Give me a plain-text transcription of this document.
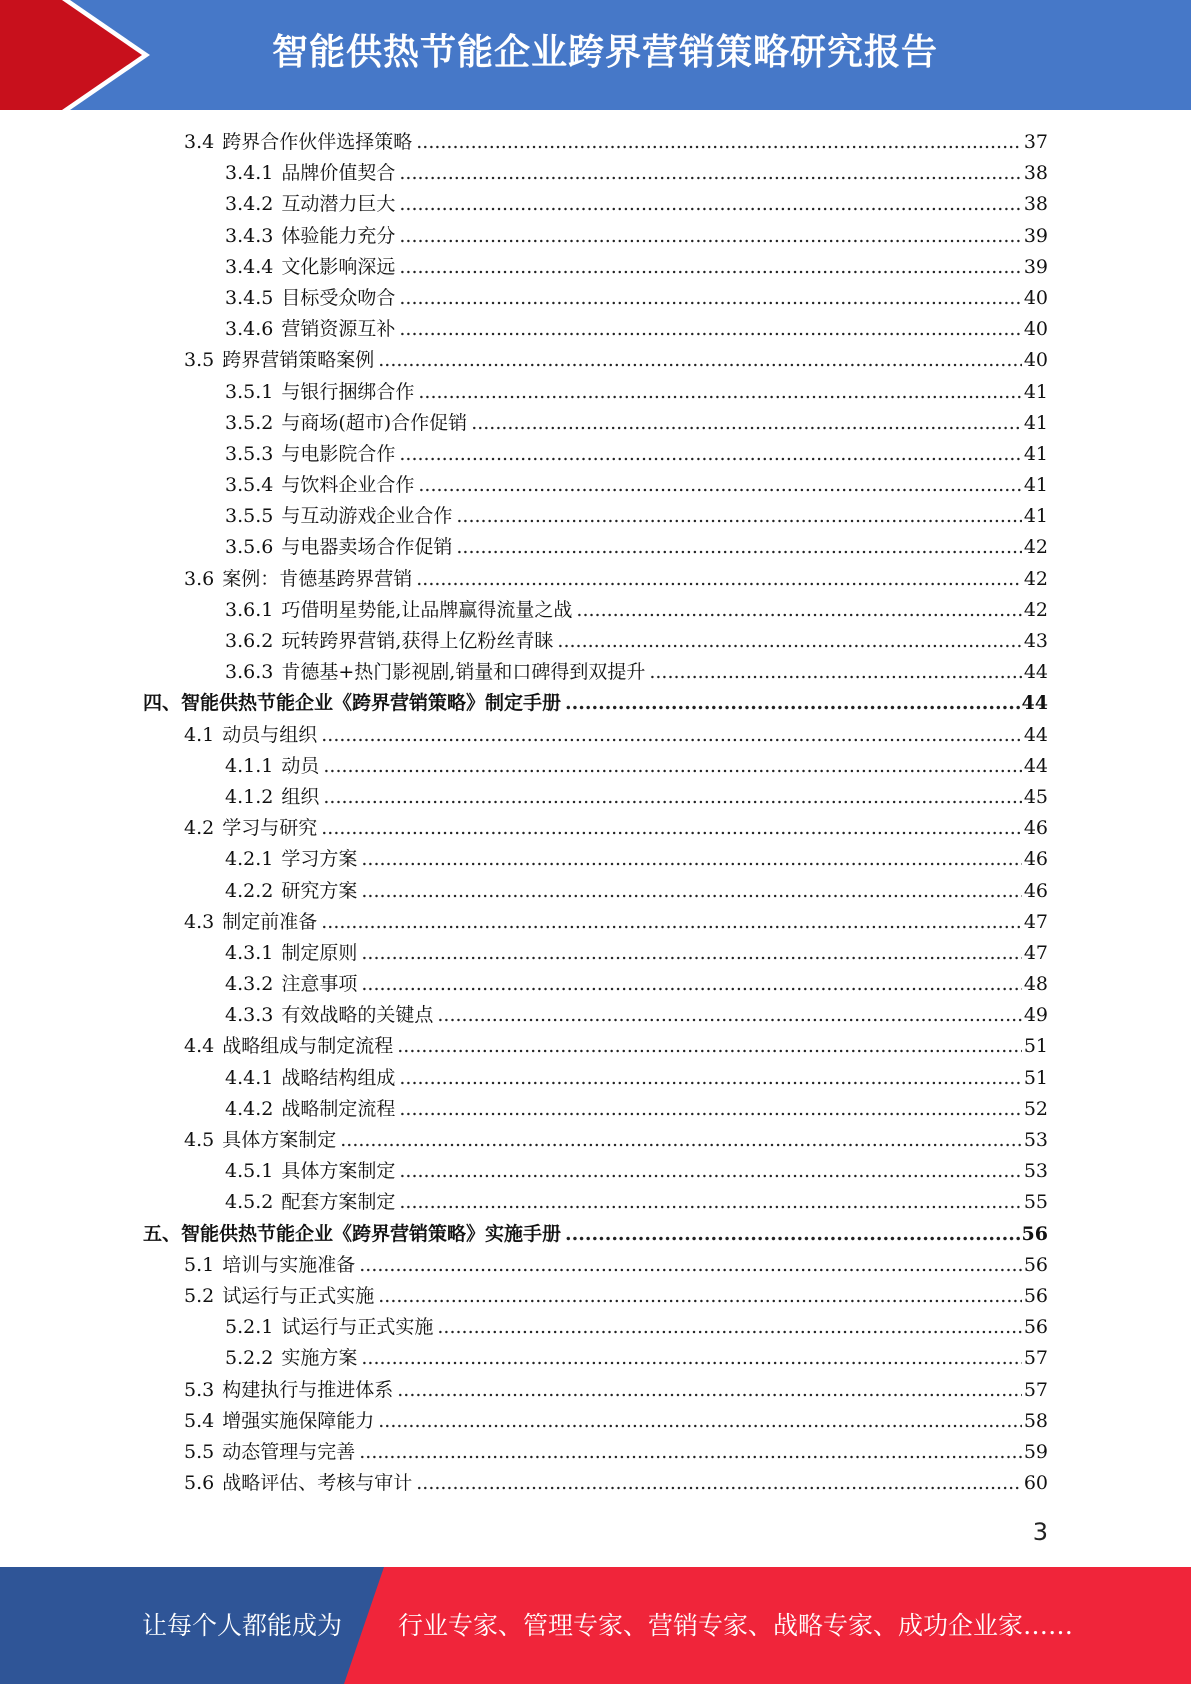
智能供热节能企业跨界营销策略研究报告
3.4 跨界合作伙伴选择策略 .....	37
3.4.1 品牌价值契合 .....	38
3.4.2 互动潜力巨大 .....	38
3.4.3 体验能力充分 .....	39
3.4.4 文化影响深远 .....	39
3.4.5 目标受众吻合 .....	40
3.4.6 营销资源互补 .....	40
3.5 跨界营销策略案例 .....	40
3.5.1 与银行捆绑合作 .....	41
3.5.2 与商场(超市)合作促销 .....	41
3.5.3 与电影院合作 .....	41
3.5.4 与饮料企业合作 .....	41
3.5.5 与互动游戏企业合作 .....	41
3.5.6 与电器卖场合作促销 .....	42
3.6 案例：肯德基跨界营销 .....	42
3.6.1 巧借明星势能,让品牌赢得流量之战 .....	42
3.6.2 玩转跨界营销,获得上亿粉丝青睐 .....	43
3.6.3 肯德基+热门影视剧,销量和口碑得到双提升 .....	44
四、智能供热节能企业《跨界营销策略》制定手册 .....	44
4.1 动员与组织 .....	44
4.1.1 动员 .....	44
4.1.2 组织 .....	45
4.2 学习与研究 .....	46
4.2.1 学习方案 .....	46
4.2.2 研究方案 .....	46
4.3 制定前准备 .....	47
4.3.1 制定原则 .....	47
4.3.2 注意事项 .....	48
4.3.3 有效战略的关键点 .....	49
4.4 战略组成与制定流程 .....	51
4.4.1 战略结构组成 .....	51
4.4.2 战略制定流程 .....	52
4.5 具体方案制定 .....	53
4.5.1 具体方案制定 .....	53
4.5.2 配套方案制定 .....	55
五、智能供热节能企业《跨界营销策略》实施手册 .....	56
5.1 培训与实施准备 .....	56
5.2 试运行与正式实施 .....	56
5.2.1 试运行与正式实施 .....	56
5.2.2 实施方案 .....	57
5.3 构建执行与推进体系 .....	57
5.4 增强实施保障能力 .....	58
5.5 动态管理与完善 .....	59
5.6 战略评估、考核与审计 .....	60
3
让每个人都能成为 行业专家、管理专家、营销专家、战略专家、成功企业家……
